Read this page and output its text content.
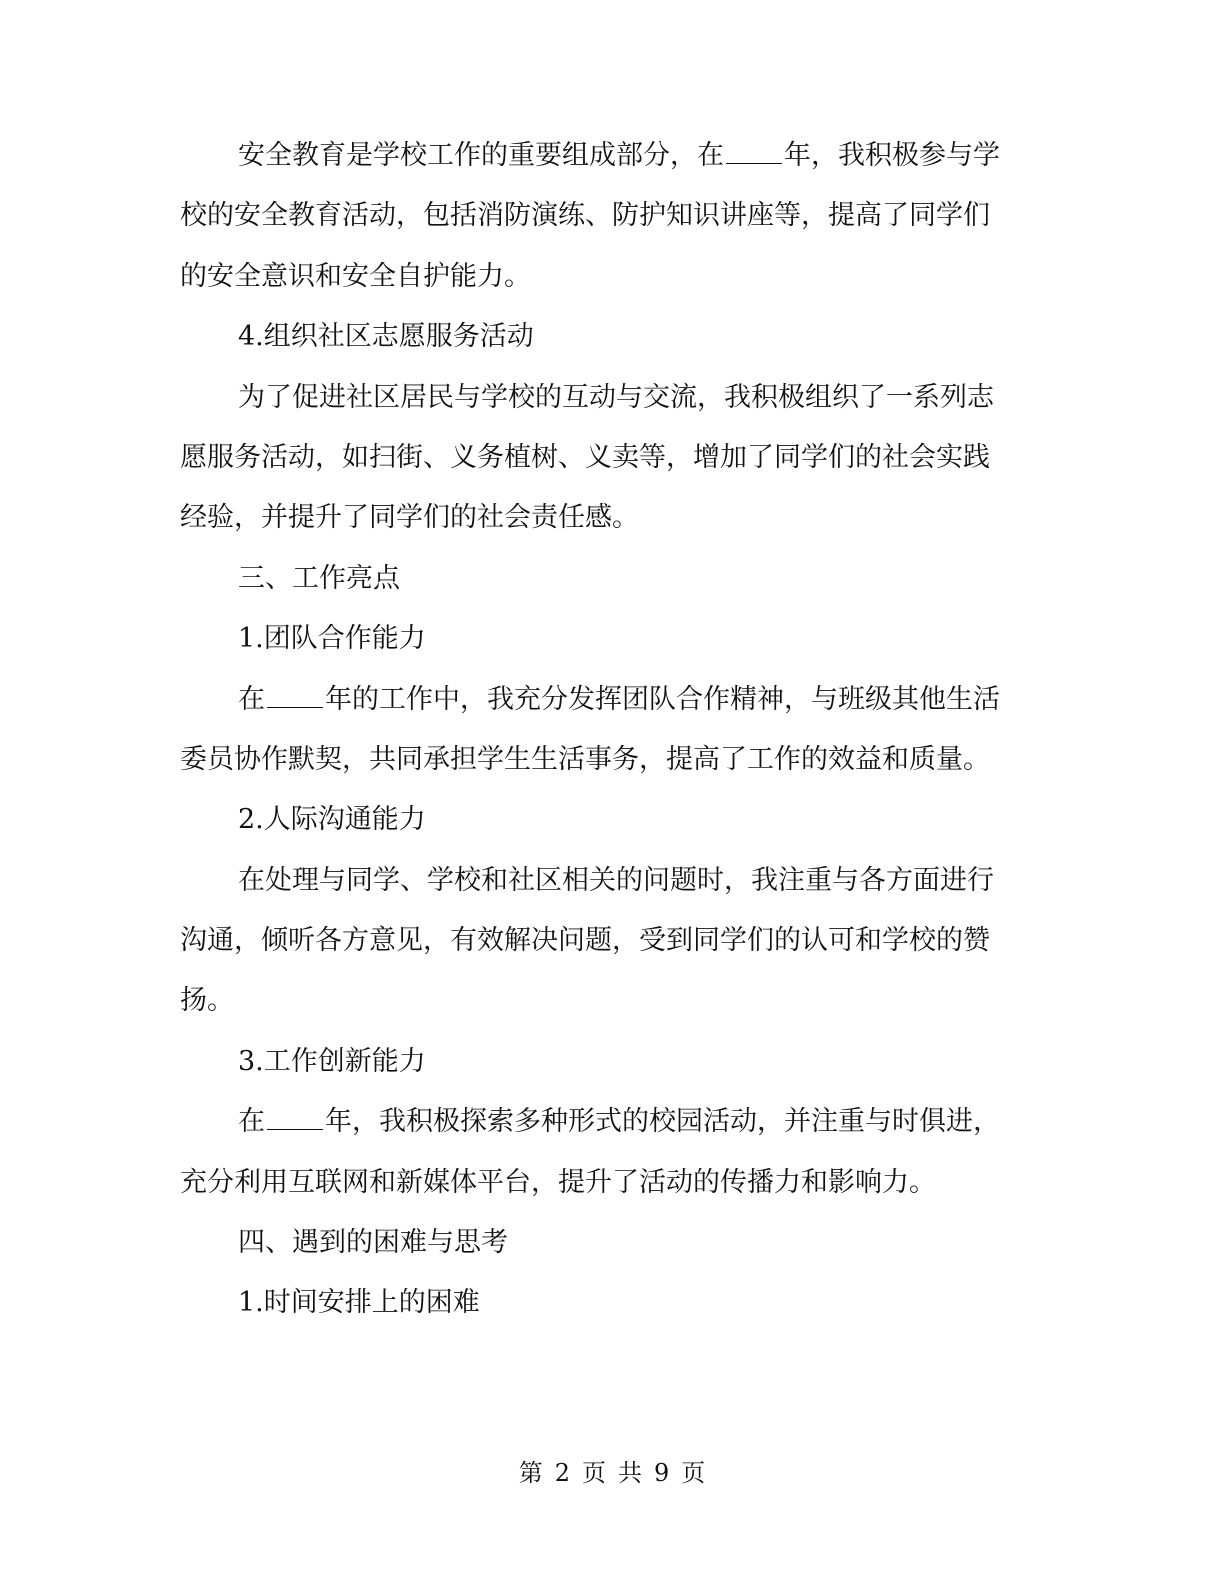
安全教育是学校工作的重要组成部分，在 年，我积极参与学
校的安全教育活动，包括消防演练、防护知识讲座等，提高了同学们
的安全意识和安全自护能力。
4.组织社区志愿服务活动
为了促进社区居民与学校的互动与交流，我积极组织了一系列志
愿服务活动，如扫街、义务植树、义卖等，增加了同学们的社会实践
经验，并提升了同学们的社会责任感。
三、工作亮点
1.团队合作能力
在 年的工作中，我充分发挥团队合作精神，与班级其他生活
委员协作默契，共同承担学生生活事务，提高了工作的效益和质量。
2.人际沟通能力
在处理与同学、学校和社区相关的问题时，我注重与各方面进行
沟通，倾听各方意见，有效解决问题，受到同学们的认可和学校的赞
扬。
3.工作创新能力
在 年，我积极探索多种形式的校园活动，并注重与时俱进，
充分利用互联网和新媒体平台，提升了活动的传播力和影响力。
四、遇到的困难与思考
1.时间安排上的困难
第 2 页 共 9 页
